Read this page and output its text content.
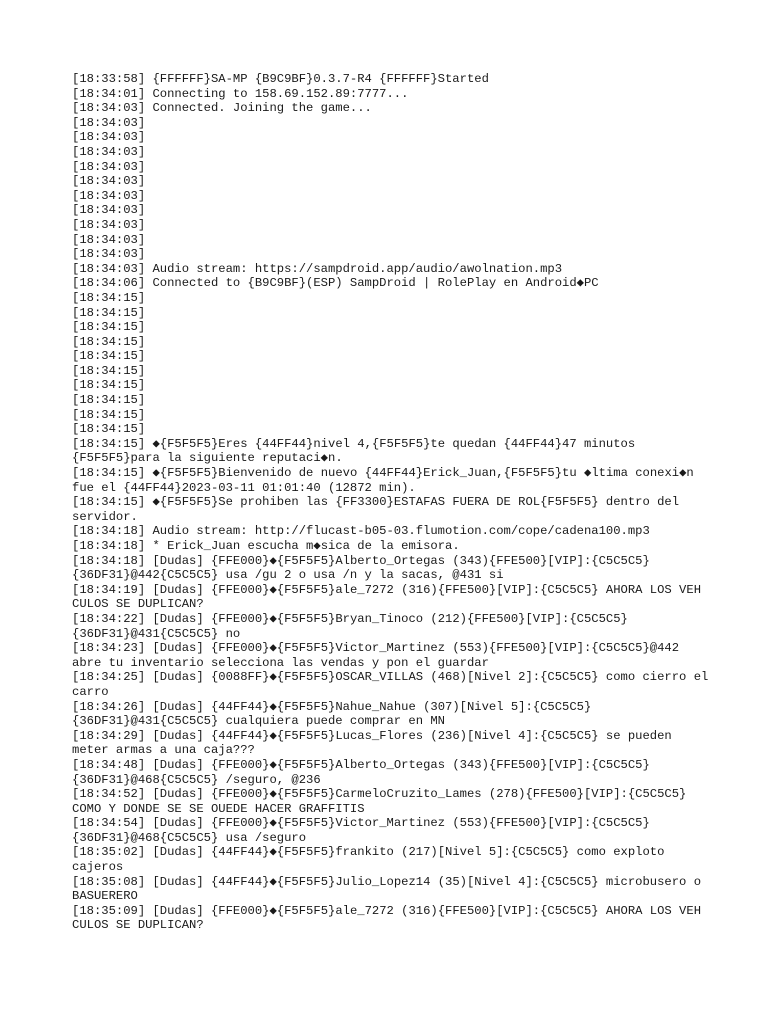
[18:33:58] {FFFFFF}SA-MP {B9C9BF}0.3.7-R4 {FFFFFF}Started
[18:34:01] Connecting to 158.69.152.89:7777...
[18:34:03] Connected. Joining the game...
[18:34:03]
[18:34:03]
[18:34:03]
[18:34:03]
[18:34:03]
[18:34:03]
[18:34:03]
[18:34:03]
[18:34:03]
[18:34:03]
[18:34:03] Audio stream: https://sampdroid.app/audio/awolnation.mp3
[18:34:06] Connected to {B9C9BF}(ESP) SampDroid | RolePlay en Android◆PC
[18:34:15]
[18:34:15]
[18:34:15]
[18:34:15]
[18:34:15]
[18:34:15]
[18:34:15]
[18:34:15]
[18:34:15]
[18:34:15]
[18:34:15] ◆{F5F5F5}Eres {44FF44}nivel 4,{F5F5F5}te quedan {44FF44}47 minutos {F5F5F5}para la siguiente reputaci◆n.
[18:34:15] ◆{F5F5F5}Bienvenido de nuevo {44FF44}Erick_Juan,{F5F5F5}tu ◆ltima conexi◆n fue el {44FF44}2023-03-11 01:01:40 (12872 min).
[18:34:15] ◆{F5F5F5}Se prohiben las {FF3300}ESTAFAS FUERA DE ROL{F5F5F5} dentro del servidor.
[18:34:18] Audio stream: http://flucast-b05-03.flumotion.com/cope/cadena100.mp3
[18:34:18] * Erick_Juan escucha m◆sica de la emisora.
[18:34:18] [Dudas] {FFE000}◆{F5F5F5}Alberto_Ortegas (343){FFE500}[VIP]:{C5C5C5}{36DF31}@442{C5C5C5} usa /gu 2 o usa /n y la sacas, @431 si
[18:34:19] [Dudas] {FFE000}◆{F5F5F5}ale_7272 (316){FFE500}[VIP]:{C5C5C5} AHORA LOS VEH CULOS SE DUPLICAN?
[18:34:22] [Dudas] {FFE000}◆{F5F5F5}Bryan_Tinoco (212){FFE500}[VIP]:{C5C5C5}{36DF31}@431{C5C5C5} no
[18:34:23] [Dudas] {FFE000}◆{F5F5F5}Victor_Martinez (553){FFE500}[VIP]:{C5C5C5}@442 abre tu inventario selecciona las vendas y pon el guardar
[18:34:25] [Dudas] {0088FF}◆{F5F5F5}OSCAR_VILLAS (468)[Nivel 2]:{C5C5C5} como cierro el carro
[18:34:26] [Dudas] {44FF44}◆{F5F5F5}Nahue_Nahue (307)[Nivel 5]:{C5C5C5}{36DF31}@431{C5C5C5} cualquiera puede comprar en MN
[18:34:29] [Dudas] {44FF44}◆{F5F5F5}Lucas_Flores (236)[Nivel 4]:{C5C5C5} se pueden meter armas a una caja???
[18:34:48] [Dudas] {FFE000}◆{F5F5F5}Alberto_Ortegas (343){FFE500}[VIP]:{C5C5C5}{36DF31}@468{C5C5C5} /seguro, @236
[18:34:52] [Dudas] {FFE000}◆{F5F5F5}CarmeloCruzito_Lames (278){FFE500}[VIP]:{C5C5C5} COMO Y DONDE SE SE OUEDE HACER GRAFFITIS
[18:34:54] [Dudas] {FFE000}◆{F5F5F5}Victor_Martinez (553){FFE500}[VIP]:{C5C5C5}{36DF31}@468{C5C5C5} usa /seguro
[18:35:02] [Dudas] {44FF44}◆{F5F5F5}frankito (217)[Nivel 5]:{C5C5C5} como exploto cajeros
[18:35:08] [Dudas] {44FF44}◆{F5F5F5}Julio_Lopez14 (35)[Nivel 4]:{C5C5C5} microbusero o BASUERERO
[18:35:09] [Dudas] {FFE000}◆{F5F5F5}ale_7272 (316){FFE500}[VIP]:{C5C5C5} AHORA LOS VEH CULOS SE DUPLICAN?
